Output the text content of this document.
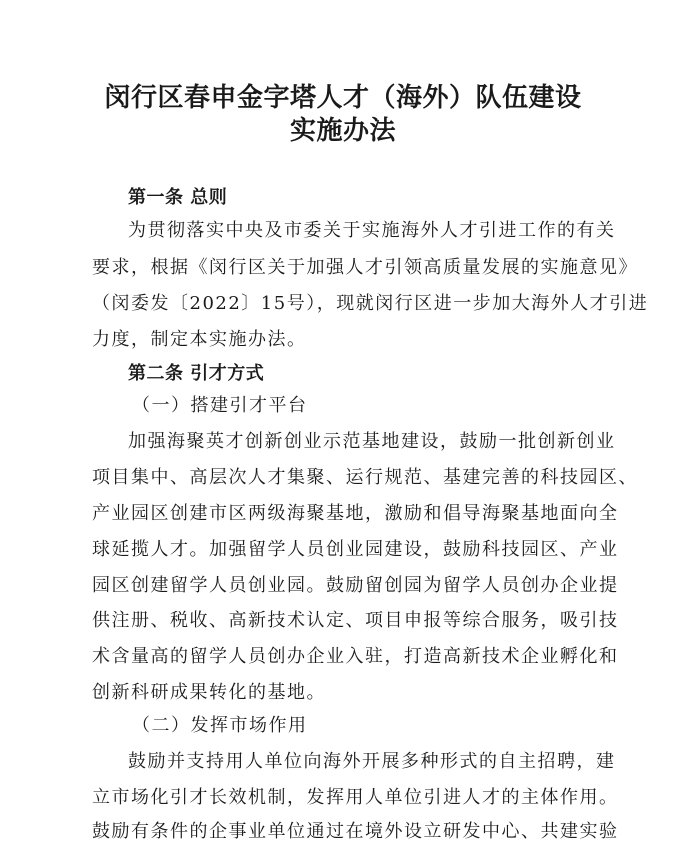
闵行区春申金字塔人才（海外）队伍建设
实施办法
第一条 总则
为贯彻落实中央及市委关于实施海外人才引进工作的有关
要求，根据《闵行区关于加强人才引领高质量发展的实施意见》
（闵委发〔2022〕15号），现就闵行区进一步加大海外人才引进
力度，制定本实施办法。
第二条 引才方式
（一）搭建引才平台
加强海聚英才创新创业示范基地建设，鼓励一批创新创业
项目集中、高层次人才集聚、运行规范、基建完善的科技园区、
产业园区创建市区两级海聚基地，激励和倡导海聚基地面向全
球延揽人才。加强留学人员创业园建设，鼓励科技园区、产业
园区创建留学人员创业园。鼓励留创园为留学人员创办企业提
供注册、税收、高新技术认定、项目申报等综合服务，吸引技
术含量高的留学人员创办企业入驻，打造高新技术企业孵化和
创新科研成果转化的基地。
（二）发挥市场作用
鼓励并支持用人单位向海外开展多种形式的自主招聘，建
立市场化引才长效机制，发挥用人单位引进人才的主体作用。
鼓励有条件的企事业单位通过在境外设立研发中心、共建实验
